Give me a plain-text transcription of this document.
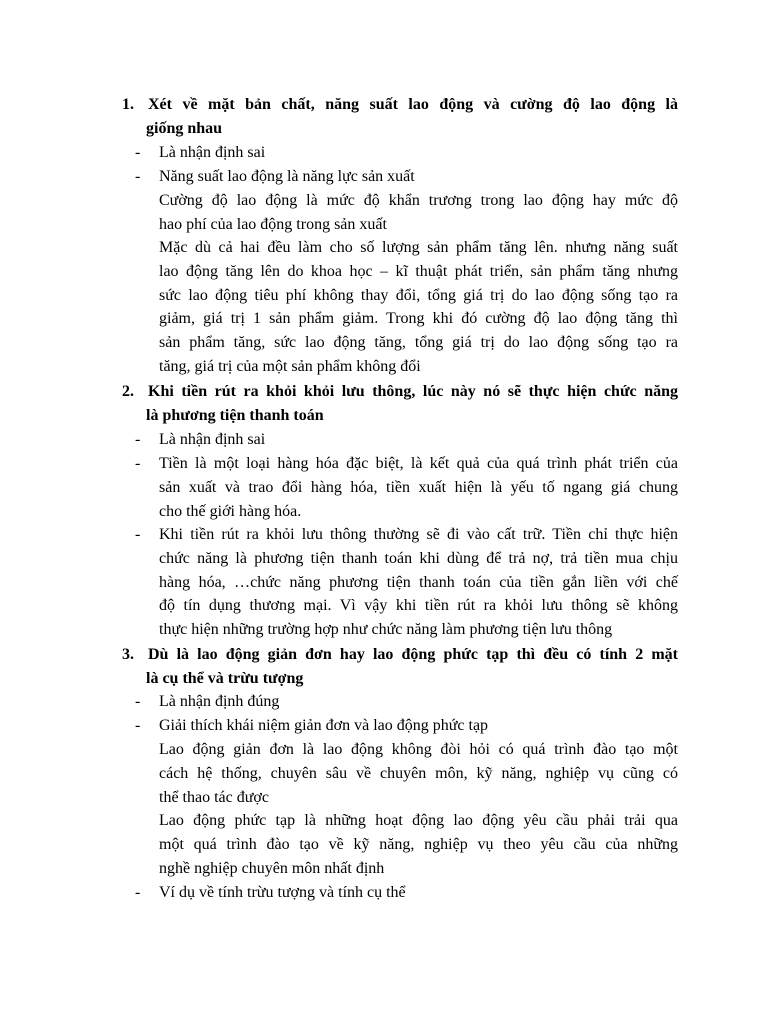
1. Xét về mặt bản chất, năng suất lao động và cường độ lao động là
giống nhau
- Là nhận định sai
- Năng suất lao động là năng lực sản xuất
Cường độ lao động là mức độ khẩn trương trong lao động hay mức độ
hao phí của lao động trong sản xuất
Mặc dù cả hai đều làm cho số lượng sản phẩm tăng lên. nhưng năng suất
lao động tăng lên do khoa học – kĩ thuật phát triển, sản phẩm tăng nhưng
sức lao động tiêu phí không thay đổi, tổng giá trị do lao động sống tạo ra
giảm, giá trị 1 sản phẩm giảm. Trong khi đó cường độ lao động tăng thì
sản phẩm tăng, sức lao động tăng, tổng giá trị do lao động sống tạo ra
tăng, giá trị của một sản phẩm không đổi
2. Khi tiền rút ra khỏi khỏi lưu thông, lúc này nó sẽ thực hiện chức năng
là phương tiện thanh toán
- Là nhận định sai
- Tiền là một loại hàng hóa đặc biệt, là kết quả của quá trình phát triển của
sản xuất và trao đổi hàng hóa, tiền xuất hiện là yếu tố ngang giá chung
cho thế giới hàng hóa.
- Khi tiền rút ra khỏi lưu thông thường sẽ đi vào cất trữ. Tiền chỉ thực hiện
chức năng là phương tiện thanh toán khi dùng để trả nợ, trả tiền mua chịu
hàng hóa, …chức năng phương tiện thanh toán của tiền gắn liền với chế
độ tín dụng thương mại. Vì vậy khi tiền rút ra khỏi lưu thông sẽ không
thực hiện những trường hợp như chức năng làm phương tiện lưu thông
3. Dù là lao động giản đơn hay lao động phức tạp thì đều có tính 2 mặt
là cụ thể và trừu tượng
- Là nhận định đúng
- Giải thích khái niệm giản đơn và lao động phức tạp
Lao động giản đơn là lao động không đòi hỏi có quá trình đào tạo một
cách hệ thống, chuyên sâu về chuyên môn, kỹ năng, nghiệp vụ cũng có
thể thao tác được
Lao động phức tạp là những hoạt động lao động yêu cầu phải trải qua
một quá trình đào tạo về kỹ năng, nghiệp vụ theo yêu cầu của những
nghề nghiệp chuyên môn nhất định
- Ví dụ về tính trừu tượng và tính cụ thể
